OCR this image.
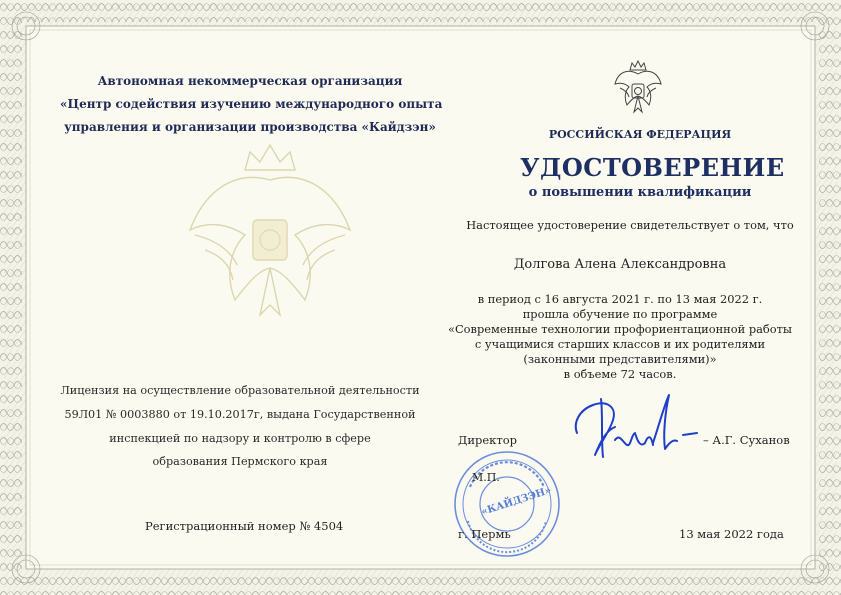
Автономная некоммерческая организация
«Центр содействия изучению международного опыта
управления и организации производства «Кайдзэн»
РОССИЙСКАЯ ФЕДЕРАЦИЯ
УДОСТОВЕРЕНИЕ
о повышении квалификации
Настоящее удостоверение свидетельствует о том, что
Долгова Алена Александровна
в период с 16 августа 2021 г. по 13 мая 2022 г.
прошла обучение по программе
«Современные технологии профориентационной работы
с учащимися старших классов и их родителями
(законными представителями)»
в объеме 72 часов.
Лицензия на осуществление образовательной деятельности
59Л01 № 0003880 от 19.10.2017г, выдана Государственной
инспекцией по надзору и контролю в сфере
образования Пермского края
Регистрационный номер № 4504
«КАЙДЗЭН»
Директор
М.П.
– А.Г. Суханов
г. Пермь	13 мая 2022 года
